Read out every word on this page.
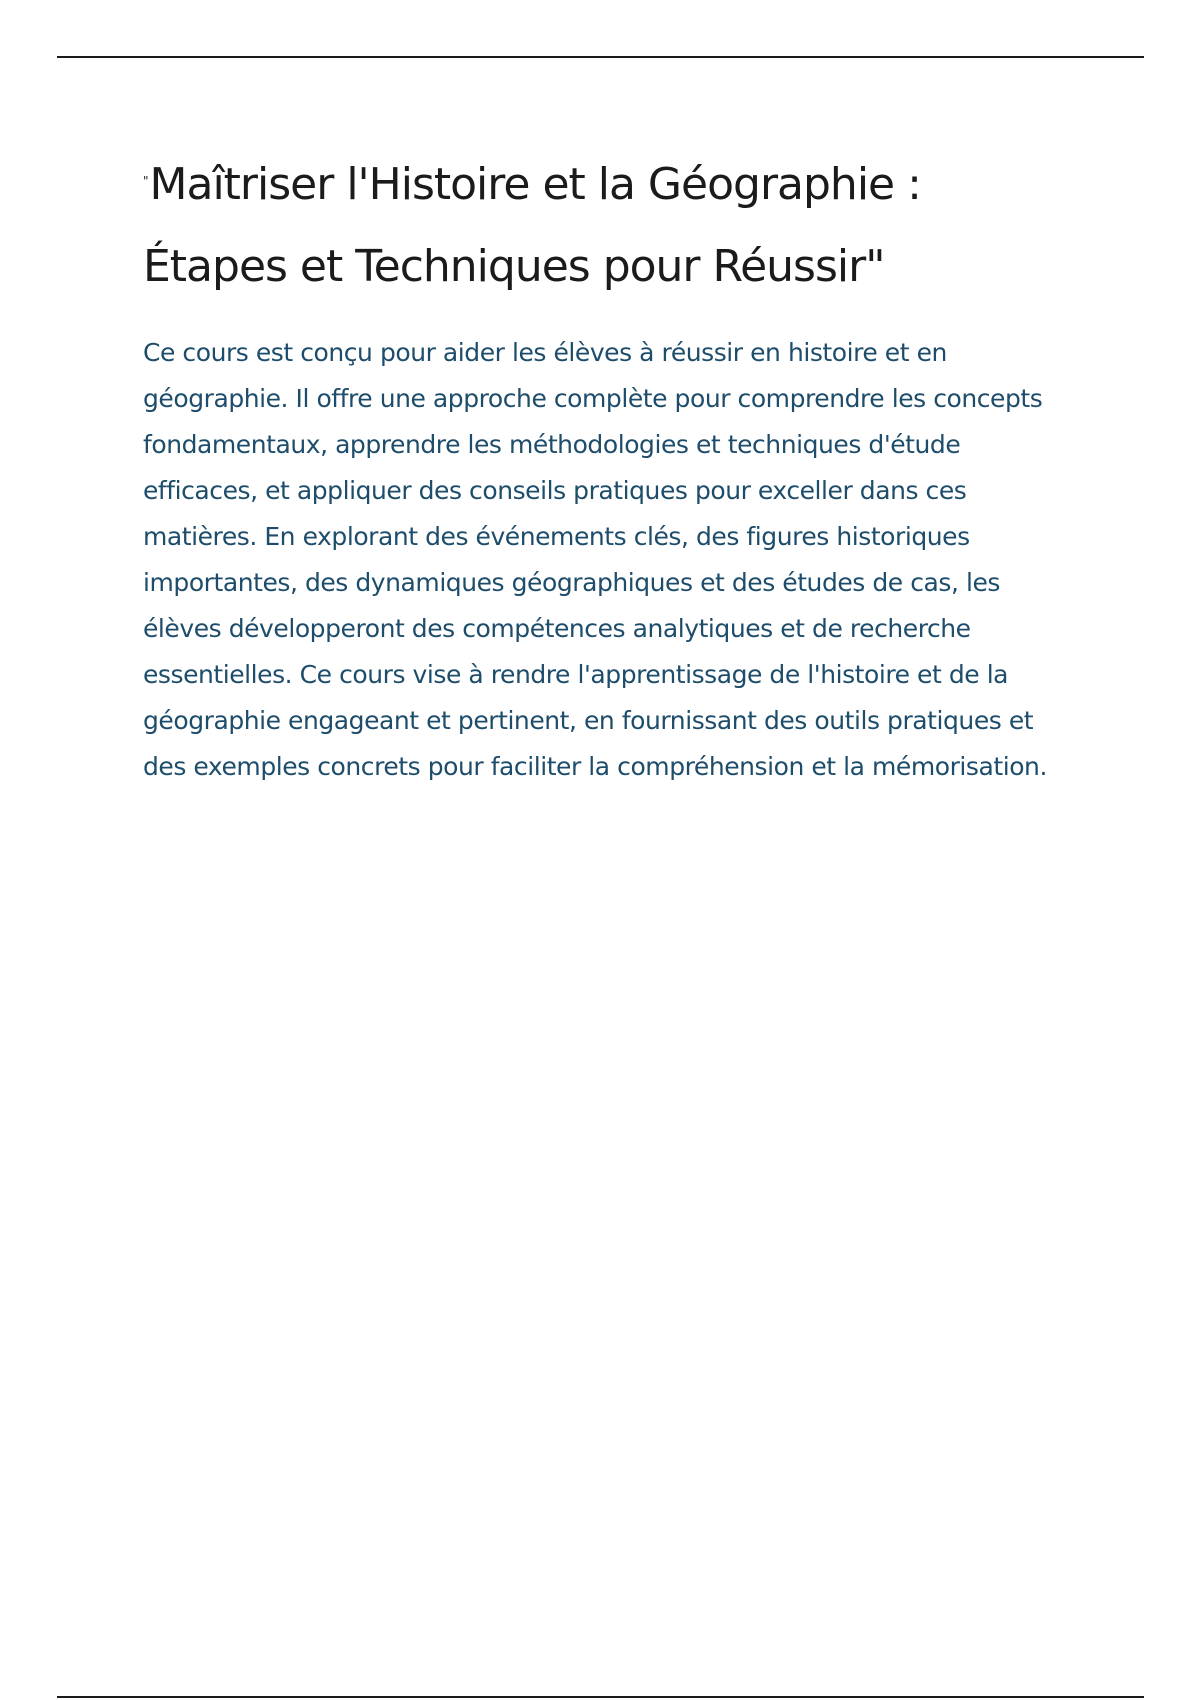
"Maîtriser l'Histoire et la Géographie : Étapes et Techniques pour Réussir"

Ce cours est conçu pour aider les élèves à réussir en histoire et en géographie. Il offre une approche complète pour comprendre les concepts fondamentaux, apprendre les méthodologies et techniques d'étude efficaces, et appliquer des conseils pratiques pour exceller dans ces matières. En explorant des événements clés, des figures historiques importantes, des dynamiques géographiques et des études de cas, les élèves développeront des compétences analytiques et de recherche essentielles. Ce cours vise à rendre l'apprentissage de l'histoire et de la géographie engageant et pertinent, en fournissant des outils pratiques et des exemples concrets pour faciliter la compréhension et la mémorisation.
